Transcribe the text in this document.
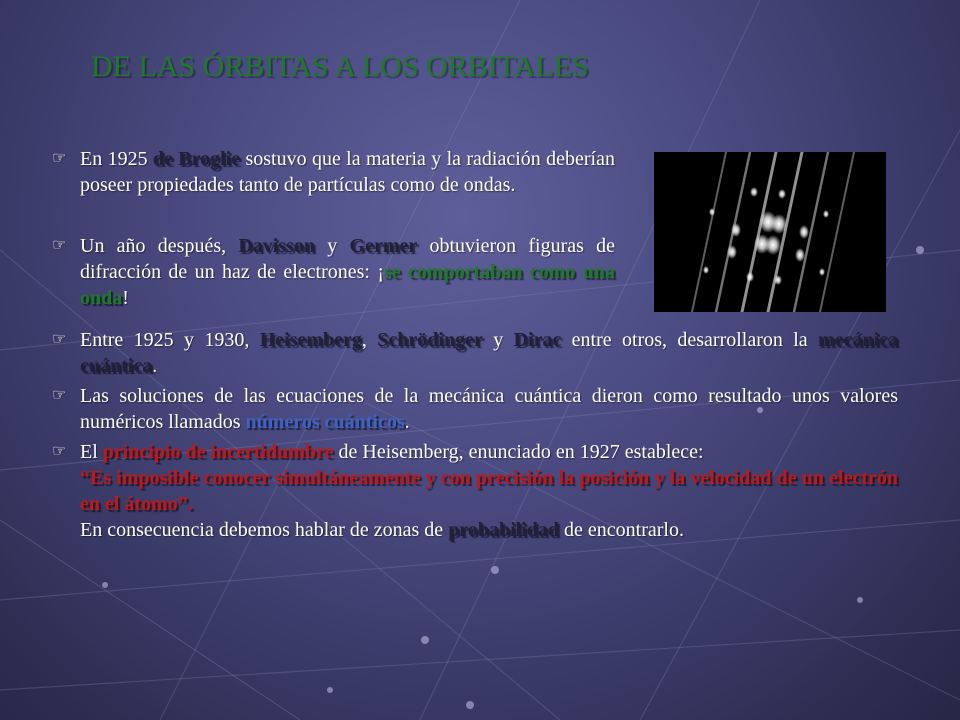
DE LAS ÓRBITAS A LOS ORBITALES
☞ En 1925 de Broglie sostuvo que la materia y la radiación deberían poseer propiedades tanto de partículas como de ondas.
☞ Un año después, Davisson y Germer obtuvieron figuras de difracción de un haz de electrones: ¡se comportaban como una onda!
☞ Entre 1925 y 1930, Heisemberg, Schrödinger y Dirac entre otros, desarrollaron la mecánica cuántica.
☞ Las soluciones de las ecuaciones de la mecánica cuántica dieron como resultado unos valores numéricos llamados números cuánticos.
☞ El principio de incertidumbre de Heisemberg, enunciado en 1927 establece:
“Es imposible conocer simultáneamente y con precisión la posición y la velocidad de un electrón en el átomo”.
En consecuencia debemos hablar de zonas de probabilidad de encontrarlo.
